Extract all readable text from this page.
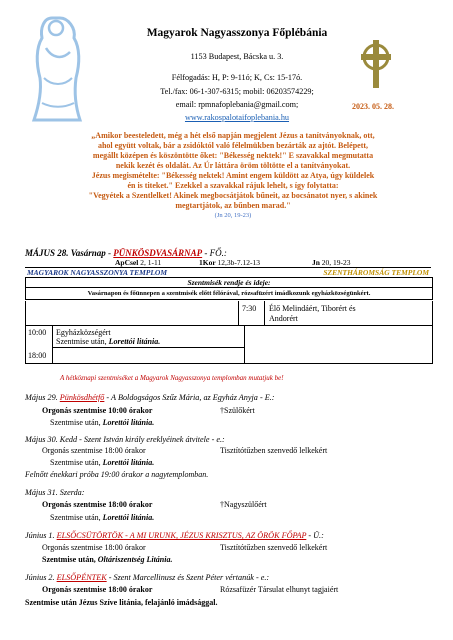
Magyarok Nagyasszonya Főplébánia
1153 Budapest, Bácska u. 3.
Félfogadás: H, P: 9-11ó; K, Cs: 15-17ó.
Tel./fax: 06-1-307-6315; mobil: 06203574229;
email: rpmnafoplebania@gmail.com;
www.rakospalotaifoplebania.hu
2023. 05. 28.
„Amikor beesteledett, még a hét első napján megjelent Jézus a tanítványoknak, ott,
ahol együtt voltak, bár a zsidóktól való félelmükben bezárták az ajtót. Belépett,
megállt középen és köszöntötte őket: "Békesség nektek!" E szavakkal megmutatta
nekik kezét és oldalát. Az Úr láttára öröm töltötte el a tanítványokat.
Jézus megismételte: "Békesség nektek! Amint engem küldött az Atya, úgy küldelek
én is titeket." Ezekkel a szavakkal rájuk lehelt, s így folytatta:
"Vegyétek a Szentlelket! Akinek megbocsátjátok bűneit, az bocsánatot nyer, s akinek
megtartjátok, az bűnben marad."
(Jn 20, 19-23)
MÁJUS 28. Vasárnap - PÜNKÖSDVASÁRNAP - FŐ.:
ApCsel 2, 1-11	1Kor 12,3b-7.12-13	Jn 20, 19-23
MAGYAROK NAGYASSZONYA TEMPLOM	SZENTHÁROMSÁG TEMPLOM
Szentmisék rendje és ideje:
Vasárnapon és főünnepen a szentmisék előtt félórával, rózsafüzért imádkozunk egyházközségünkért.
7:30 Élő Melindáért, Tiborért és
Andorért
10:00 Egyházközségért
Szentmise után, Lorettói litánia.
18:00
A hétköznapi szentmiséket a Magyarok Nagyasszonya templomban mutatjuk be!
Május 29. Pünkösdhétfő - A Boldogságos Szűz Mária, az Egyház Anyja - E.:
Orgonás szentmise 10:00 órakor	†Szülőkért
Szentmise után, Lorettói litánia.
Május 30. Kedd - Szent István király ereklyéinek átvitele - e.:
Orgonás szentmise 18:00 órakor	Tisztítótűzben szenvedő lelkekért
Szentmise után, Lorettói litánia.
Felnőtt énekkari próba 19:00 órakor a nagytemplomban.
Május 31. Szerda:
Orgonás szentmise 18:00 órakor	†Nagyszülőért
Szentmise után, Lorettói litánia.
Június 1. ELSŐCSÜTÖRTÖK - A MI URUNK, JÉZUS KRISZTUS, AZ ÖRÖK FŐPAP - Ü.:
Orgonás szentmise 18:00 órakor	Tisztítótűzben szenvedő lelkekért
Szentmise után, Oltáriszentség Litánia.
Június 2. ELSŐPÉNTEK - Szent Marcellinusz és Szent Péter vértanúk - e.:
Orgonás szentmise 18:00 órakor	Rózsafüzér Társulat elhunyt tagjaiért
Szentmise után Jézus Szíve litánia, felajánló imádsággal.
